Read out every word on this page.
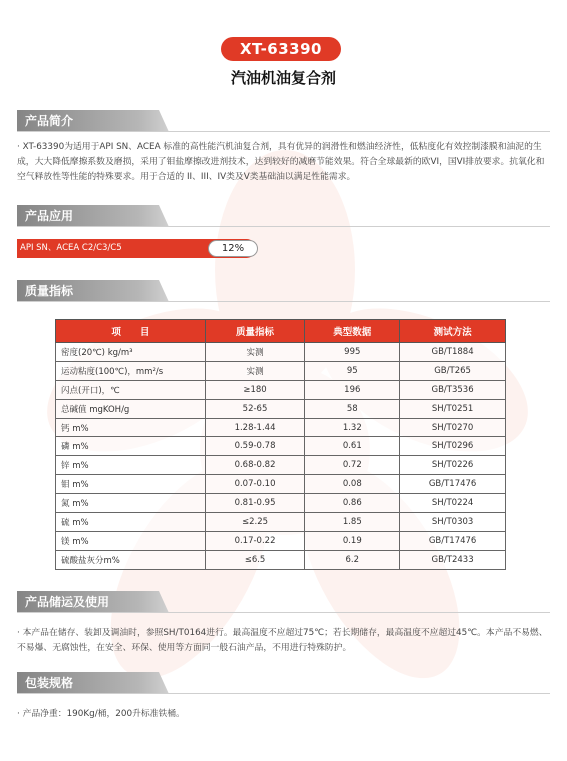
XT-63390
汽油机油复合剂
产品简介
· XT-63390为适用于API SN、ACEA 标准的高性能汽机油复合剂，具有优异的润滑性和燃油经济性，低粘度化有效控制漆膜和油泥的生成，大大降低摩擦系数及磨损，采用了钼盐摩擦改进剂技术，达到较好的减磨节能效果。符合全球最新的欧VI，国VI排放要求。抗氧化和空气释放性等性能的特殊要求。用于合适的 II、III、IV类及V类基础油以满足性能需求。
产品应用
API SN、ACEA C2/C3/C5	12%
质量指标
项　　目	质量指标	典型数据	测试方法
密度(20℃) kg/m³	实测	995	GB/T1884
运动粘度(100℃)，mm²/s	实测	95	GB/T265
闪点(开口)，℃	≥180	196	GB/T3536
总碱值 mgKOH/g	52-65	58	SH/T0251
钙 m%	1.28-1.44	1.32	SH/T0270
磷 m%	0.59-0.78	0.61	SH/T0296
锌 m%	0.68-0.82	0.72	SH/T0226
钼 m%	0.07-0.10	0.08	GB/T17476
氮 m%	0.81-0.95	0.86	SH/T0224
硫 m%	≤2.25	1.85	SH/T0303
镁 m%	0.17-0.22	0.19	GB/T17476
硫酸盐灰分m%	≤6.5	6.2	GB/T2433
产品储运及使用
· 本产品在储存、装卸及调油时，参照SH/T0164进行。最高温度不应超过75℃；若长期储存，最高温度不应超过45℃。本产品不易燃、不易爆、无腐蚀性，在安全、环保、使用等方面同一般石油产品，不用进行特殊防护。
包装规格
· 产品净重：190Kg/桶，200升标准铁桶。
